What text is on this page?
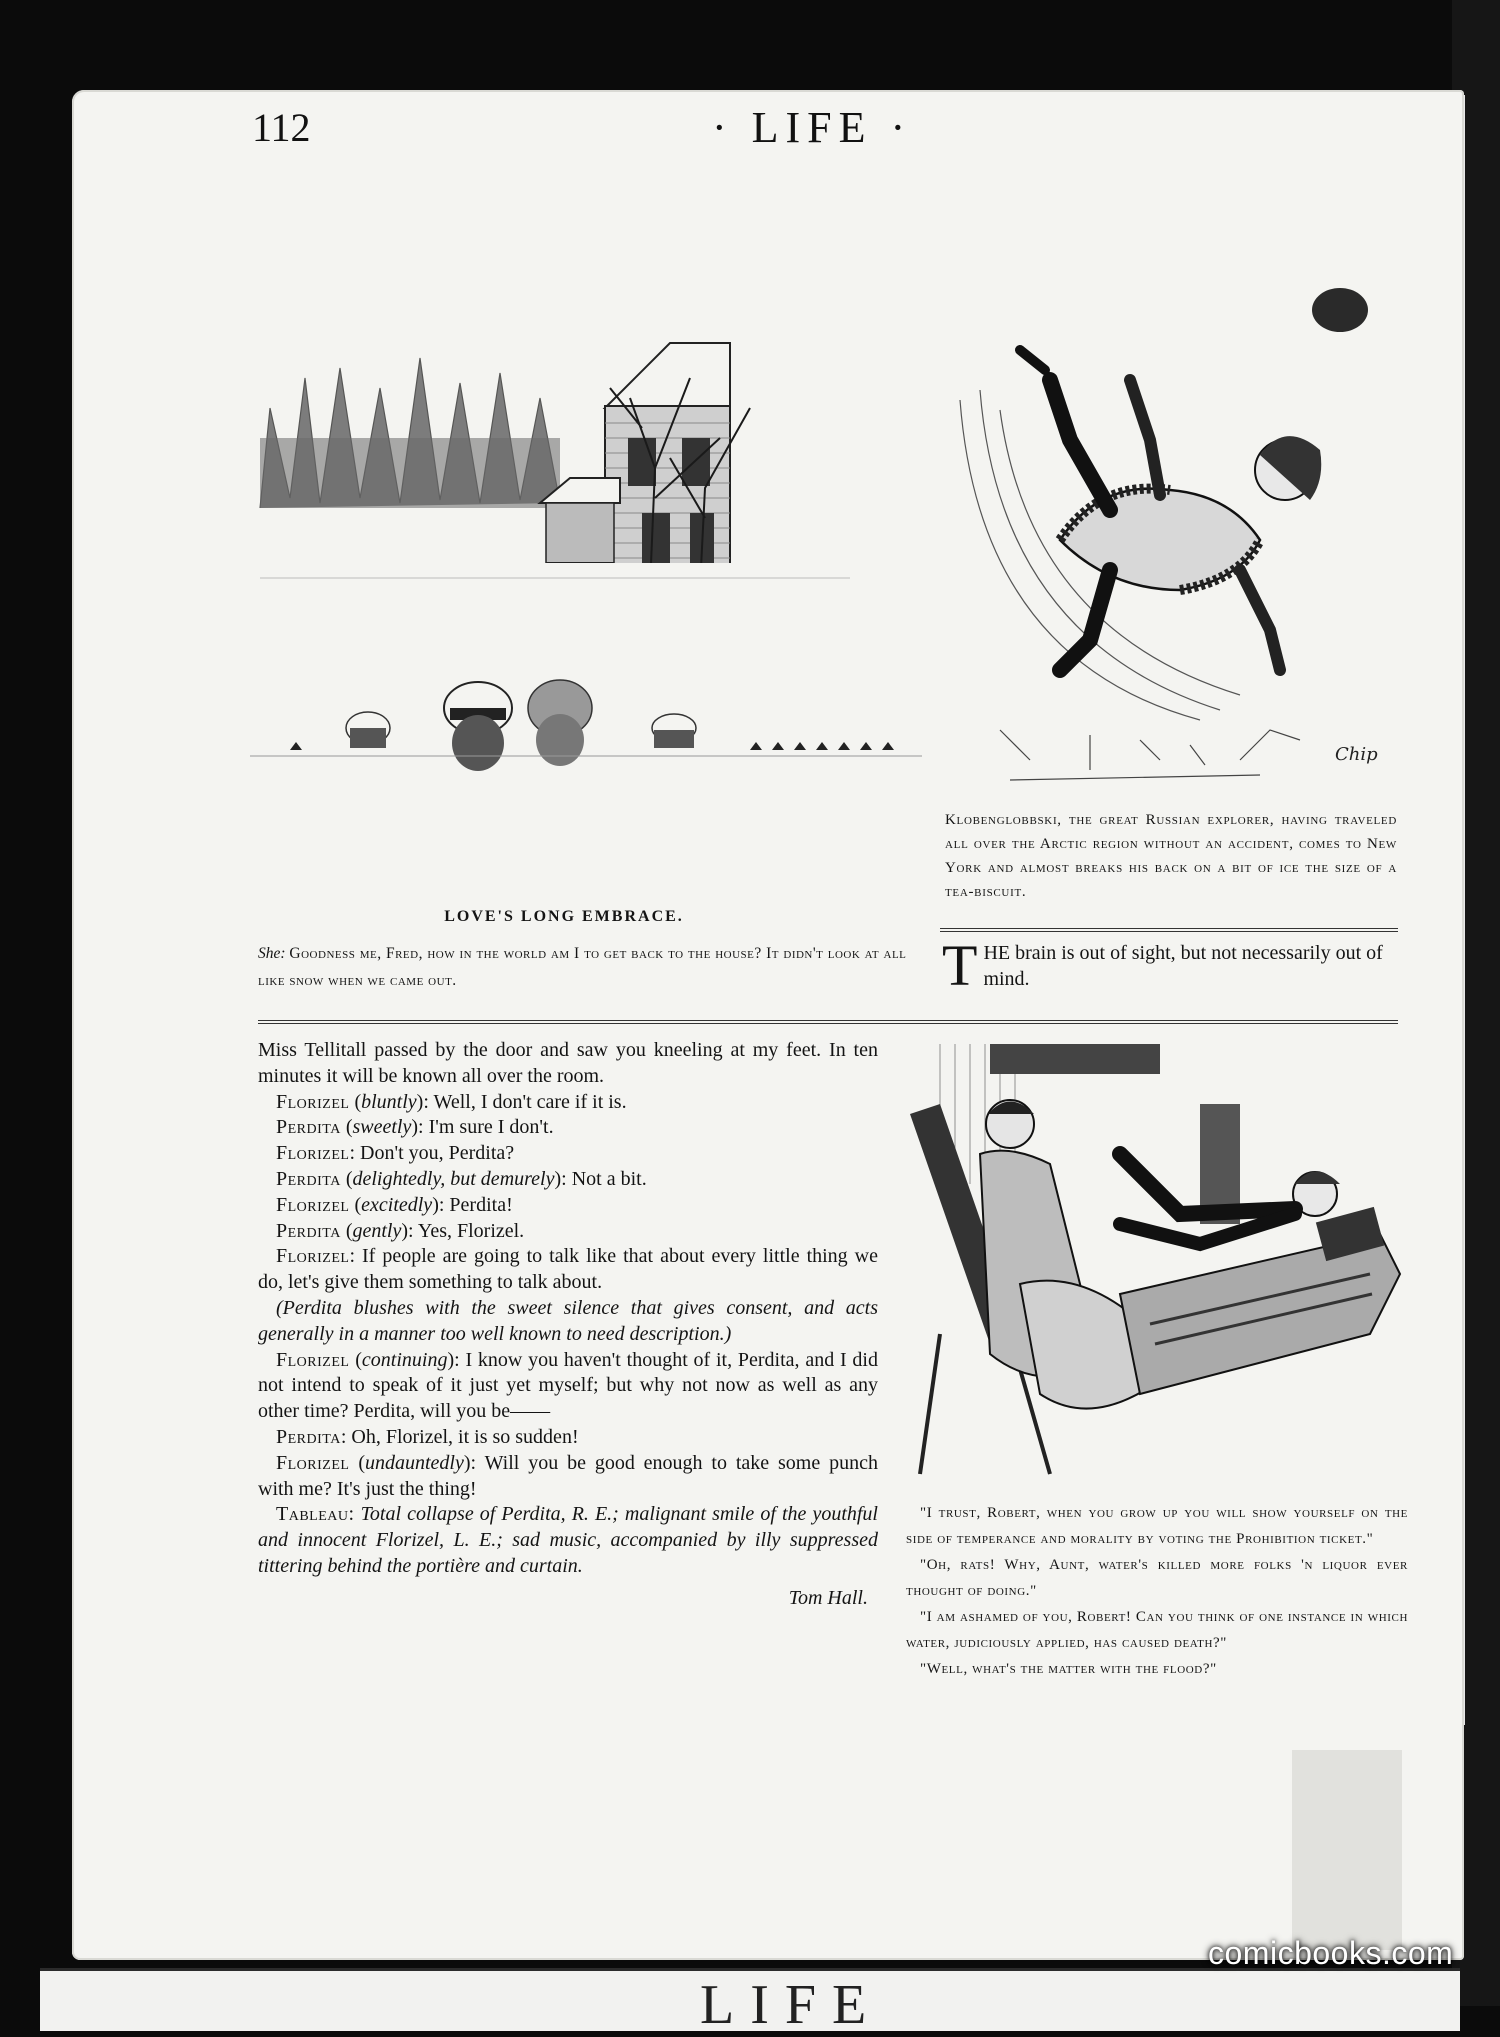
LIFE
112	· LIFE ·
LOVE'S LONG EMBRACE.
She: Goodness me, Fred, how in the world am I to get back to the house? It didn't look at all like snow when we came out.
Chip
Klobenglobbski, the great Russian explorer, having traveled all over the Arctic region without an accident, comes to New York and almost breaks his back on a bit of ice the size of a tea-biscuit.
T HE brain is out of sight, but not necessarily out of mind.

Miss Tellitall passed by the door and saw you kneeling at my feet. In ten minutes it will be known all over the room.

Florizel (bluntly): Well, I don't care if it is.

Perdita (sweetly): I'm sure I don't.

Florizel: Don't you, Perdita?

Perdita (delightedly, but demurely): Not a bit.

Florizel (excitedly): Perdita!

Perdita (gently): Yes, Florizel.

Florizel: If people are going to talk like that about every little thing we do, let's give them something to talk about.

(Perdita blushes with the sweet silence that gives consent, and acts generally in a manner too well known to need description.)

Florizel (continuing): I know you haven't thought of it, Perdita, and I did not intend to speak of it just yet myself; but why not now as well as any other time? Perdita, will you be——

Perdita: Oh, Florizel, it is so sudden!

Florizel (undauntedly): Will you be good enough to take some punch with me? It's just the thing!

Tableau: Total collapse of Perdita, R. E.; malignant smile of the youthful and innocent Florizel, L. E.; sad music, accompanied by illy suppressed tittering behind the portière and curtain.

Tom Hall.

"I trust, Robert, when you grow up you will show yourself on the side of temperance and morality by voting the Prohibition ticket."

"Oh, rats! Why, Aunt, water's killed more folks 'n liquor ever thought of doing."

"I am ashamed of you, Robert! Can you think of one instance in which water, judiciously applied, has caused death?"

"Well, what's the matter with the flood?"

comicbooks.com
